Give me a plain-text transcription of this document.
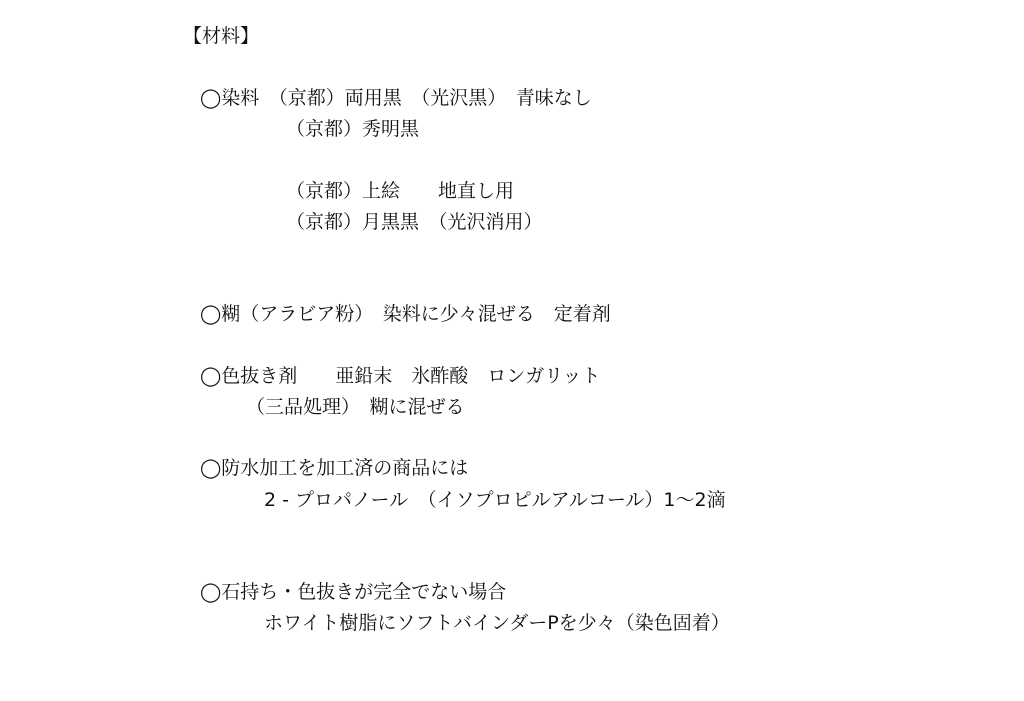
【材料】
◯染料　（京都）両用黒　（光沢黒）　青味なし
（京都）秀明黒
（京都）上絵　　地直し用
（京都）月黒黒　（光沢消用）
◯糊（アラビア粉）　染料に少々混ぜる　定着剤
◯色抜き剤　　亜鉛末　氷酢酸　ロンガリット
（三品処理）　糊に混ぜる
◯防水加工を加工済の商品には
2 - プロパノール　（イソプロピルアルコール）1～2滴
◯石持ち・色抜きが完全でない場合
ホワイト樹脂にソフトバインダーPを少々（染色固着）
